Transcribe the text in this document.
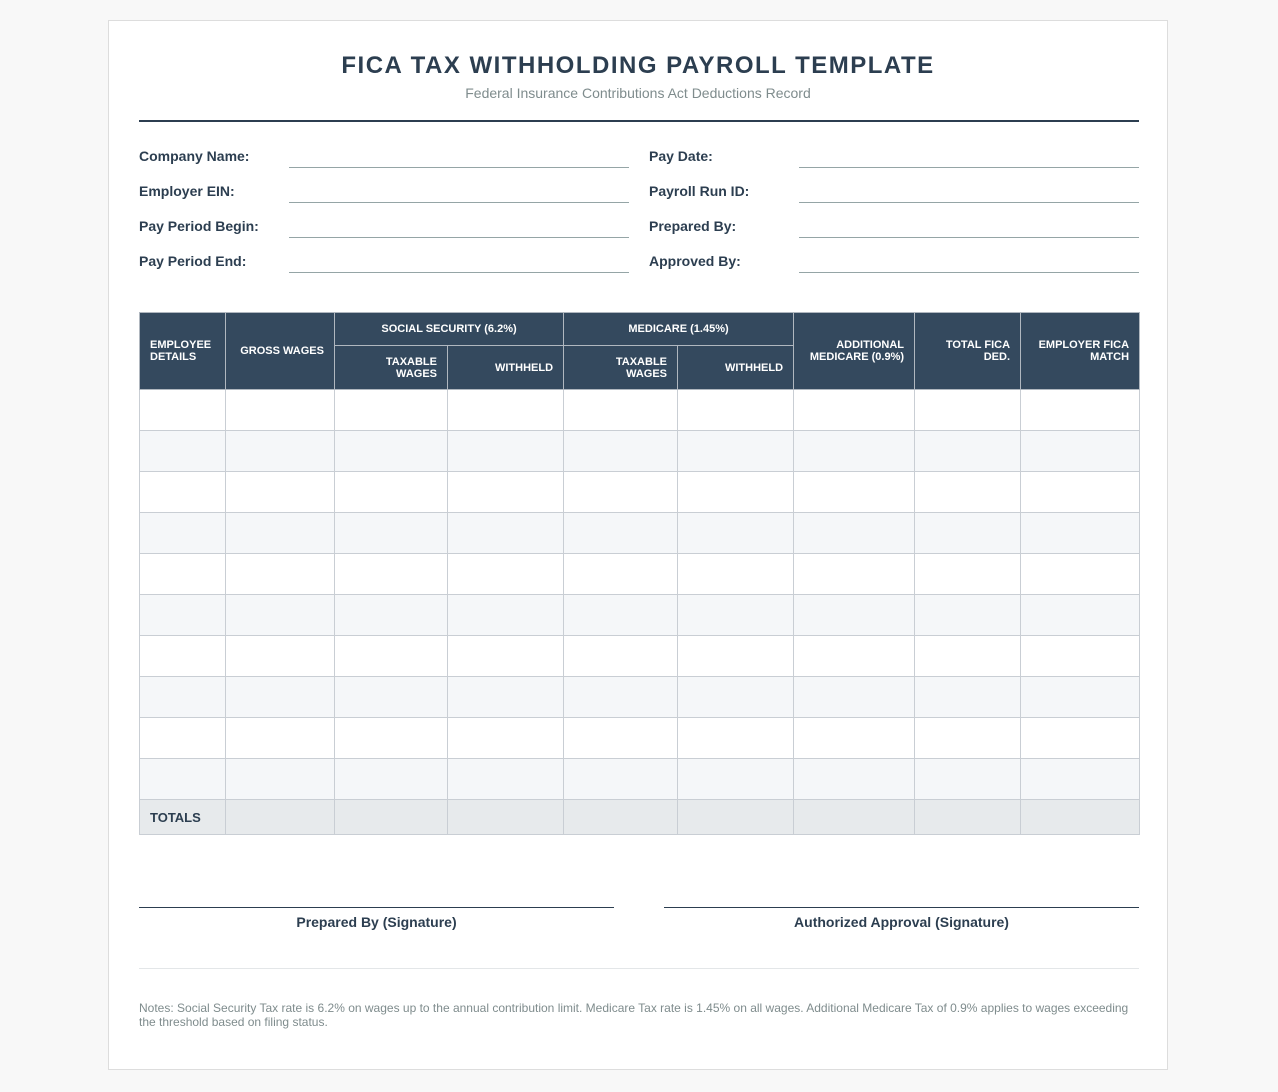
FICA TAX WITHHOLDING PAYROLL TEMPLATE
Federal Insurance Contributions Act Deductions Record
Company Name:
Employer EIN:
Pay Period Begin:
Pay Period End:
Pay Date:
Payroll Run ID:
Prepared By:
Approved By:
EMPLOYEE DETAILS	GROSS WAGES	SOCIAL SECURITY (6.2%)		MEDICARE (1.45%)		ADDITIONAL MEDICARE (0.9%)	TOTAL FICA DED.	EMPLOYER FICA MATCH
		TAXABLE WAGES	WITHHELD	TAXABLE WAGES	WITHHELD			

TOTALS								
Prepared By (Signature)	Authorized Approval (Signature)
Notes: Social Security Tax rate is 6.2% on wages up to the annual contribution limit. Medicare Tax rate is 1.45% on all wages. Additional Medicare Tax of 0.9% applies to wages exceeding the threshold based on filing status.
